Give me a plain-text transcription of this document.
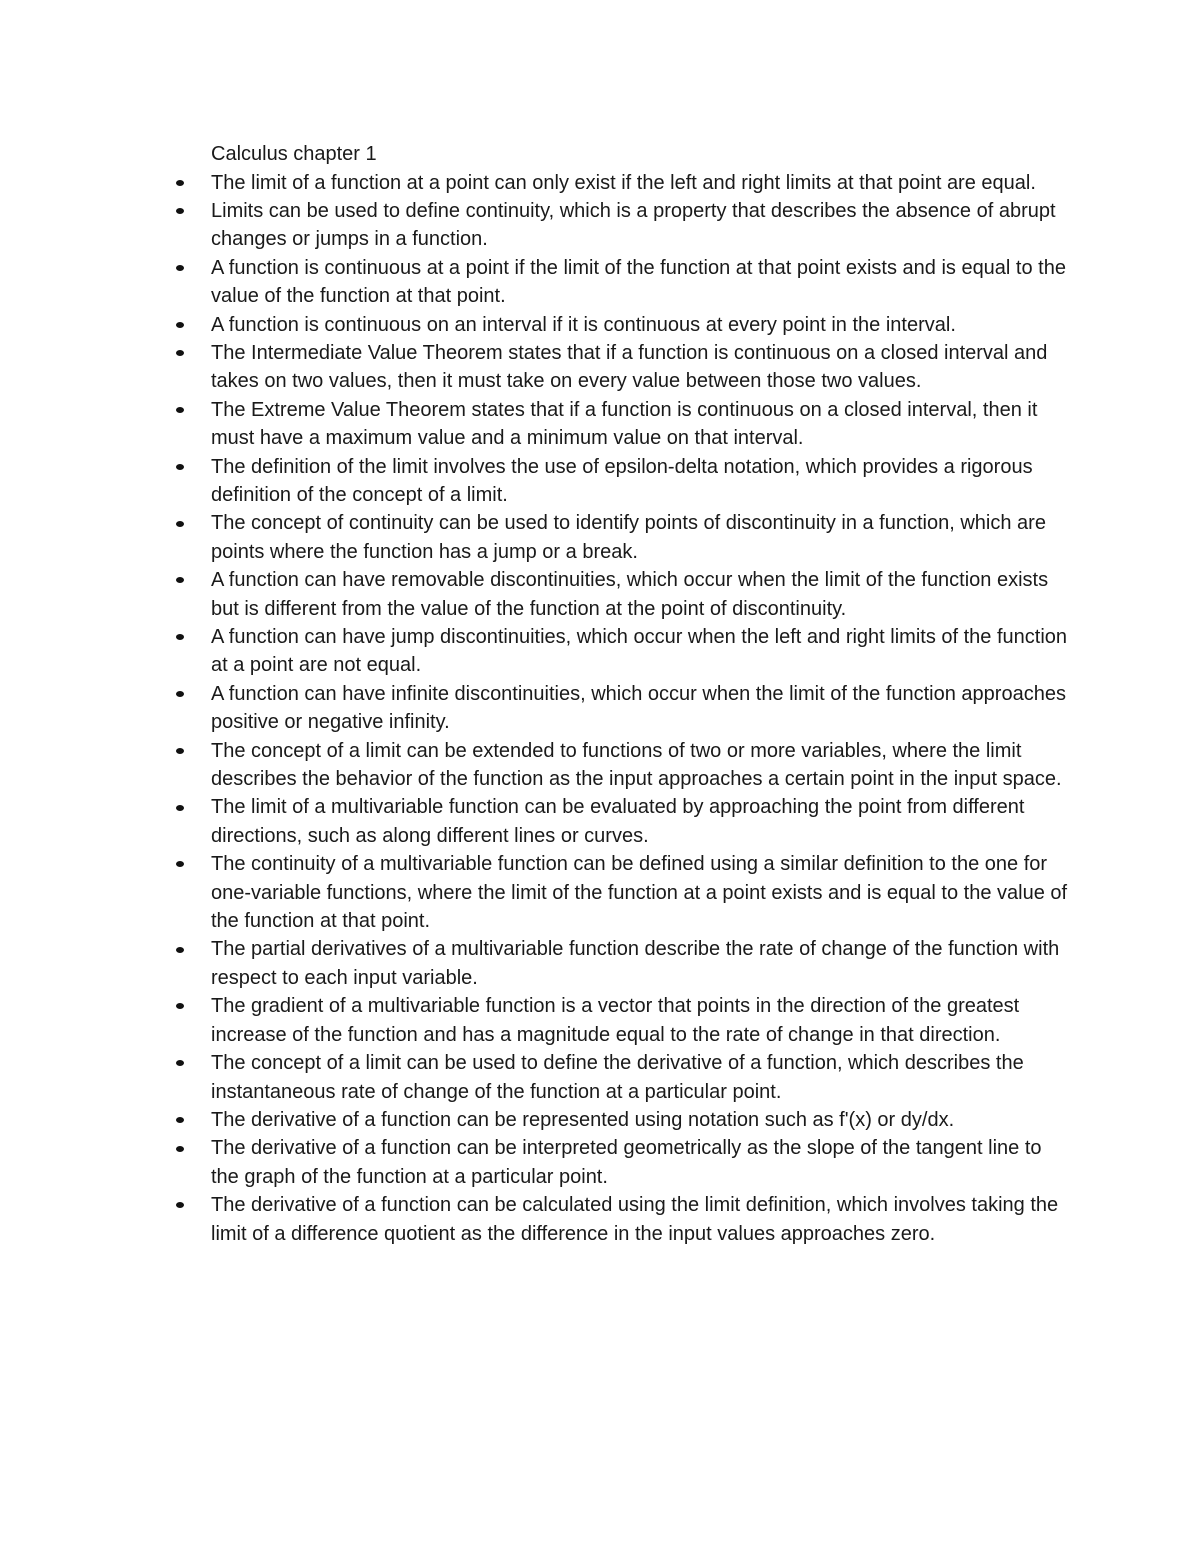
Calculus chapter 1
The limit of a function at a point can only exist if the left and right limits at that point are equal.
Limits can be used to define continuity, which is a property that describes the absence of abrupt changes or jumps in a function.
A function is continuous at a point if the limit of the function at that point exists and is equal to the value of the function at that point.
A function is continuous on an interval if it is continuous at every point in the interval.
The Intermediate Value Theorem states that if a function is continuous on a closed interval and takes on two values, then it must take on every value between those two values.
The Extreme Value Theorem states that if a function is continuous on a closed interval, then it must have a maximum value and a minimum value on that interval.
The definition of the limit involves the use of epsilon-delta notation, which provides a rigorous definition of the concept of a limit.
The concept of continuity can be used to identify points of discontinuity in a function, which are points where the function has a jump or a break.
A function can have removable discontinuities, which occur when the limit of the function exists but is different from the value of the function at the point of discontinuity.
A function can have jump discontinuities, which occur when the left and right limits of the function at a point are not equal.
A function can have infinite discontinuities, which occur when the limit of the function approaches positive or negative infinity.
The concept of a limit can be extended to functions of two or more variables, where the limit describes the behavior of the function as the input approaches a certain point in the input space.
The limit of a multivariable function can be evaluated by approaching the point from different directions, such as along different lines or curves.
The continuity of a multivariable function can be defined using a similar definition to the one for one-variable functions, where the limit of the function at a point exists and is equal to the value of the function at that point.
The partial derivatives of a multivariable function describe the rate of change of the function with respect to each input variable.
The gradient of a multivariable function is a vector that points in the direction of the greatest increase of the function and has a magnitude equal to the rate of change in that direction.
The concept of a limit can be used to define the derivative of a function, which describes the instantaneous rate of change of the function at a particular point.
The derivative of a function can be represented using notation such as f'(x) or dy/dx.
The derivative of a function can be interpreted geometrically as the slope of the tangent line to the graph of the function at a particular point.
The derivative of a function can be calculated using the limit definition, which involves taking the limit of a difference quotient as the difference in the input values approaches zero.
